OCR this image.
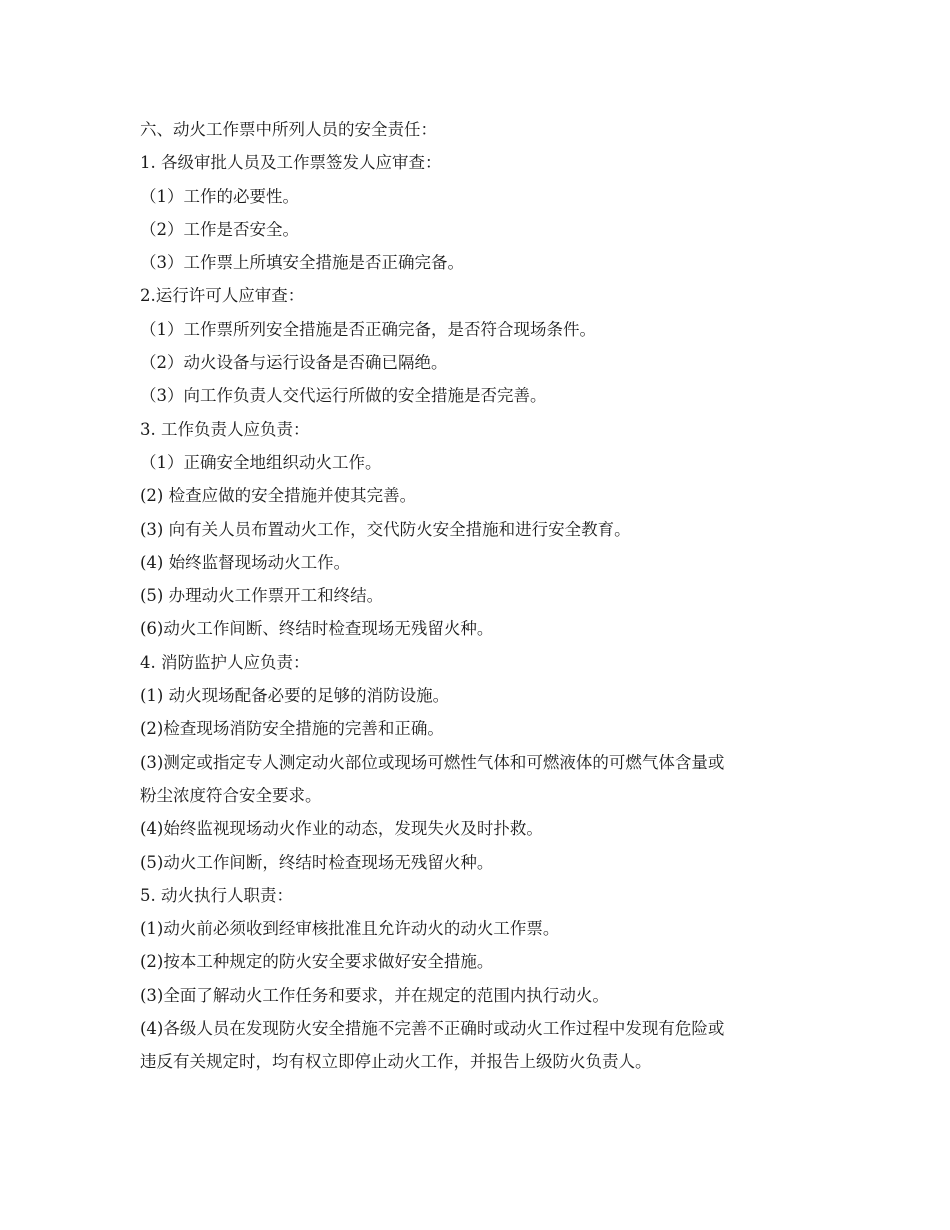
六、动火工作票中所列人员的安全责任：
1. 各级审批人员及工作票签发人应审查：
（1）工作的必要性。
（2）工作是否安全。
（3）工作票上所填安全措施是否正确完备。
2.运行许可人应审查：
（1）工作票所列安全措施是否正确完备，是否符合现场条件。
（2）动火设备与运行设备是否确已隔绝。
（3）向工作负责人交代运行所做的安全措施是否完善。
3. 工作负责人应负责：
（1）正确安全地组织动火工作。
(2) 检查应做的安全措施并使其完善。
(3) 向有关人员布置动火工作，交代防火安全措施和进行安全教育。
(4) 始终监督现场动火工作。
(5) 办理动火工作票开工和终结。
(6)动火工作间断、终结时检查现场无残留火种。
4. 消防监护人应负责：
(1) 动火现场配备必要的足够的消防设施。
(2)检查现场消防安全措施的完善和正确。
(3)测定或指定专人测定动火部位或现场可燃性气体和可燃液体的可燃气体含量或
粉尘浓度符合安全要求。
(4)始终监视现场动火作业的动态，发现失火及时扑救。
(5)动火工作间断，终结时检查现场无残留火种。
5. 动火执行人职责：
(1)动火前必须收到经审核批准且允许动火的动火工作票。
(2)按本工种规定的防火安全要求做好安全措施。
(3)全面了解动火工作任务和要求，并在规定的范围内执行动火。
(4)各级人员在发现防火安全措施不完善不正确时或动火工作过程中发现有危险或
违反有关规定时，均有权立即停止动火工作，并报告上级防火负责人。
